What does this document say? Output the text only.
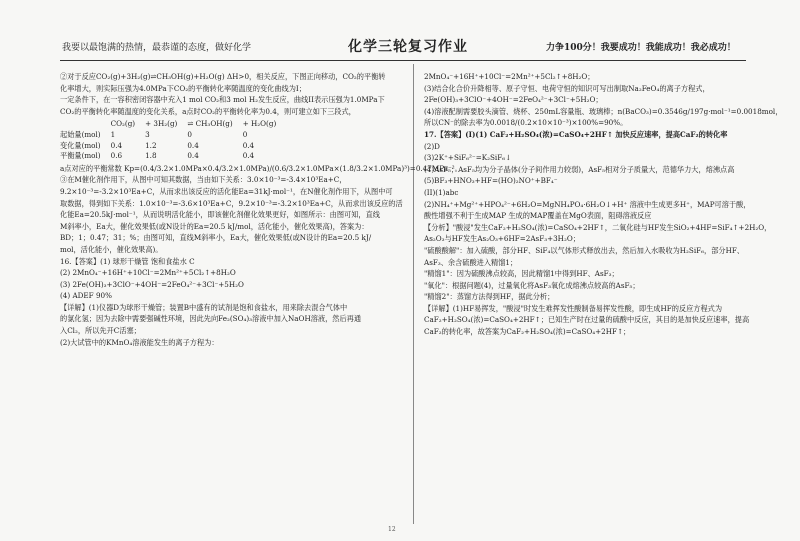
我要以最饱满的热情，最恭谨的态度，做好化学	化学三轮复习作业	力争100分！我要成功！我能成功！我必成功！

②对于反应CO₂(g)+3H₂(g)⇌CH₃OH(g)+H₂O(g) ΔH>0，相关反应，下图正向移动，CO₂的平衡转

化率增大，则实际压强为4.0MPa下CO₂的平衡转化率随温度的变化曲线为I；

一定条件下，在一容积密闭容器中充入1 mol CO₂和3 mol H₂发生反应，曲线II表示压强为1.0MPa下

CO₂的平衡转化率随温度的变化关系，a点时CO₂的平衡转化率为0.4，则可建立如下三段式，

	CO₂(g)	+ 3H₂(g)	⇌ CH₃OH(g)	+ H₂O(g)
起始量(mol)	1	3	0	0
变化量(mol)	0.4	1.2	0.4	0.4
平衡量(mol)	0.6	1.8	0.4	0.4

a点对应的平衡常数 Kp=(0.4/3.2×1.0MPa×0.4/3.2×1.0MPa)/(0.6/3.2×1.0MPa×(1.8/3.2×1.0MPa)³)=0.47MPa⁻²。

③在M催化剂作用下，从图中可知其数据，当由如下关系：3.0×10⁻³=-3.4×10³Ea+C，

9.2×10⁻³=-3.2×10³Ea+C，从而求出该反应的活化能Ea=31kJ·mol⁻¹，在N催化剂作用下，从图中可

取数据，得到如下关系：1.0×10⁻³=-3.6×10³Ea+C，9.2×10⁻³=-3.2×10³Ea+C，从而求出该反应的活

化能Ea=20.5kJ·mol⁻¹，从而说明活化能小，即该催化剂催化效果更好，如图所示：由图可知，直线

M斜率小，Ea大，催化效果低(或N设计的Ea=20.5 kJ/mol，活化能小，催化效果高)，答案为：

BD；1；0.47；31；%；由图可知，直线M斜率小，Ea大，催化效果低(或N设计的Ea=20.5 kJ/

mol，活化能小，催化效果高)。

16.【答案】(1) 球形干燥管 饱和食盐水 C

(2) 2MnO₄⁻+16H⁺+10Cl⁻=2Mn²⁺+5Cl₂↑+8H₂O

(3) 2Fe(OH)₃+3ClO⁻+4OH⁻=2FeO₄²⁻+3Cl⁻+5H₂O

(4) ADEF 90%

【详解】(1)仪器D为球形干燥管；装置B中盛有的试剂是饱和食盐水，用来除去混合气体中

的氯化氢；因为去除中需要强碱性环境，因此先向Fe₂(SO₄)₃溶液中加入NaOH溶液，然后再通

入Cl₂，所以先开C活塞；

(2)大试管中的KMnO₄溶液能发生的离子方程为：

2MnO₄⁻+16H⁺+10Cl⁻=2Mn²⁺+5Cl₂↑+8H₂O；

(3)结合化合价升降相等、原子守恒、电荷守恒的知识可写出制取Na₂FeO₄的离子方程式，

2Fe(OH)₃+3ClO⁻+4OH⁻=2FeO₄²⁻+3Cl⁻+5H₂O；

(4)溶液配制需要胶头滴管、烧杯、250mL容量瓶、玻璃棒；n(BaCO₃)=0.3546g/197g·mol⁻¹=0.0018mol，

所以CN⁻的除去率为0.0018/(0.2×10×10⁻³)×100%=90%。

17.【答案】(I)(1) CaF₂+H₂SO₄(浓)=CaSO₄+2HF↑ 加快反应速率，提高CaF₂的转化率

(2)D

(3)2K⁺+SiF₆²⁻=K₂SiF₆↓

(4)AsF₅；AsF₅均为分子晶体(分子间作用力较弱)，AsF₅相对分子质量大，范德华力大，熔沸点高

(5)BF₃+HNO₃+HF=(HO)₂NO⁺+BF₄⁻

(II)(1)abc

(2)NH₄⁺+Mg²⁺+HPO₄²⁻+6H₂O=MgNH₄PO₄·6H₂O↓+H⁺ 溶液中生成更多H⁺，MAP可溶于酸，

酸性增强不利于生成MAP 生成的MAP覆盖在MgO表面，阻碍溶液反应

【分析】"酸浸"发生CaF₂+H₂SO₄(浓)=CaSO₄+2HF↑，二氧化硅与HF发生SiO₂+4HF=SiF₄↑+2H₂O，

As₂O₃与HF发生As₂O₃+6HF=2AsF₃+3H₂O；

"硫酸酸解"：加入硫酸，部分HF、SiF₄以气体形式释放出去，然后加入水吸收为H₂SiF₆，部分HF、

AsF₃、余含硫酸进入精馏1；

"精馏1"：因为硫酸沸点较高，因此精馏1中得到HF、AsF₃；

"氧化"：根据问题(4)，过量氧化将AsF₃氧化成熔沸点较高的AsF₅；

"精馏2"：蒸馏方法得到HF，据此分析；

【详解】(1)HF易挥发，"酸浸"时发生难挥发性酸制备易挥发性酸，即生成HF的反应方程式为

CaF₂+H₂SO₄(浓)=CaSO₄+2HF↑；已知生产时在过量的硫酸中反应，其目的是加快反应速率，提高

CaF₂的转化率，故答案为CaF₂+H₂SO₄(浓)=CaSO₄+2HF↑；

12
